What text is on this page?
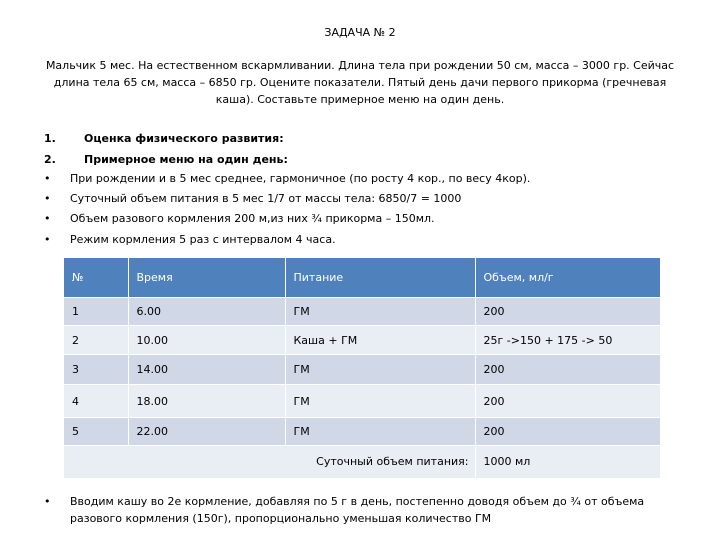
ЗАДАЧА № 2
Мальчик 5 мес. На естественном вскармливании. Длина тела при рождении 50 см, масса – 3000 гр. Сейчас длина тела 65 см, масса – 6850 гр. Оцените показатели. Пятый день дачи первого прикорма (гречневая каша). Составьте примерное меню на один день.
1.	Оценка физического развития:
2.	Примерное меню на один день:
• При рождении и в 5 мес среднее, гармоничное (по росту 4 кор., по весу 4кор).
• Суточный объем питания в 5 мес 1/7 от массы тела: 6850/7 = 1000
• Объем разового кормления 200 м,из них ¾ прикорма – 150мл.
• Режим кормления 5 раз с интервалом 4 часа.
№	Время	Питание	Объем, мл/г
1	6.00	ГМ	200
2	10.00	Каша + ГМ	25г ->150 + 175 -> 50
3	14.00	ГМ	200
4	18.00	ГМ	200
5	22.00	ГМ	200
Суточный объем питания:			1000 мл
• Вводим кашу во 2е кормление, добавляя по 5 г в день, постепенно доводя объем до ¾ от объема разового кормления (150г), пропорционально уменьшая количество ГМ
